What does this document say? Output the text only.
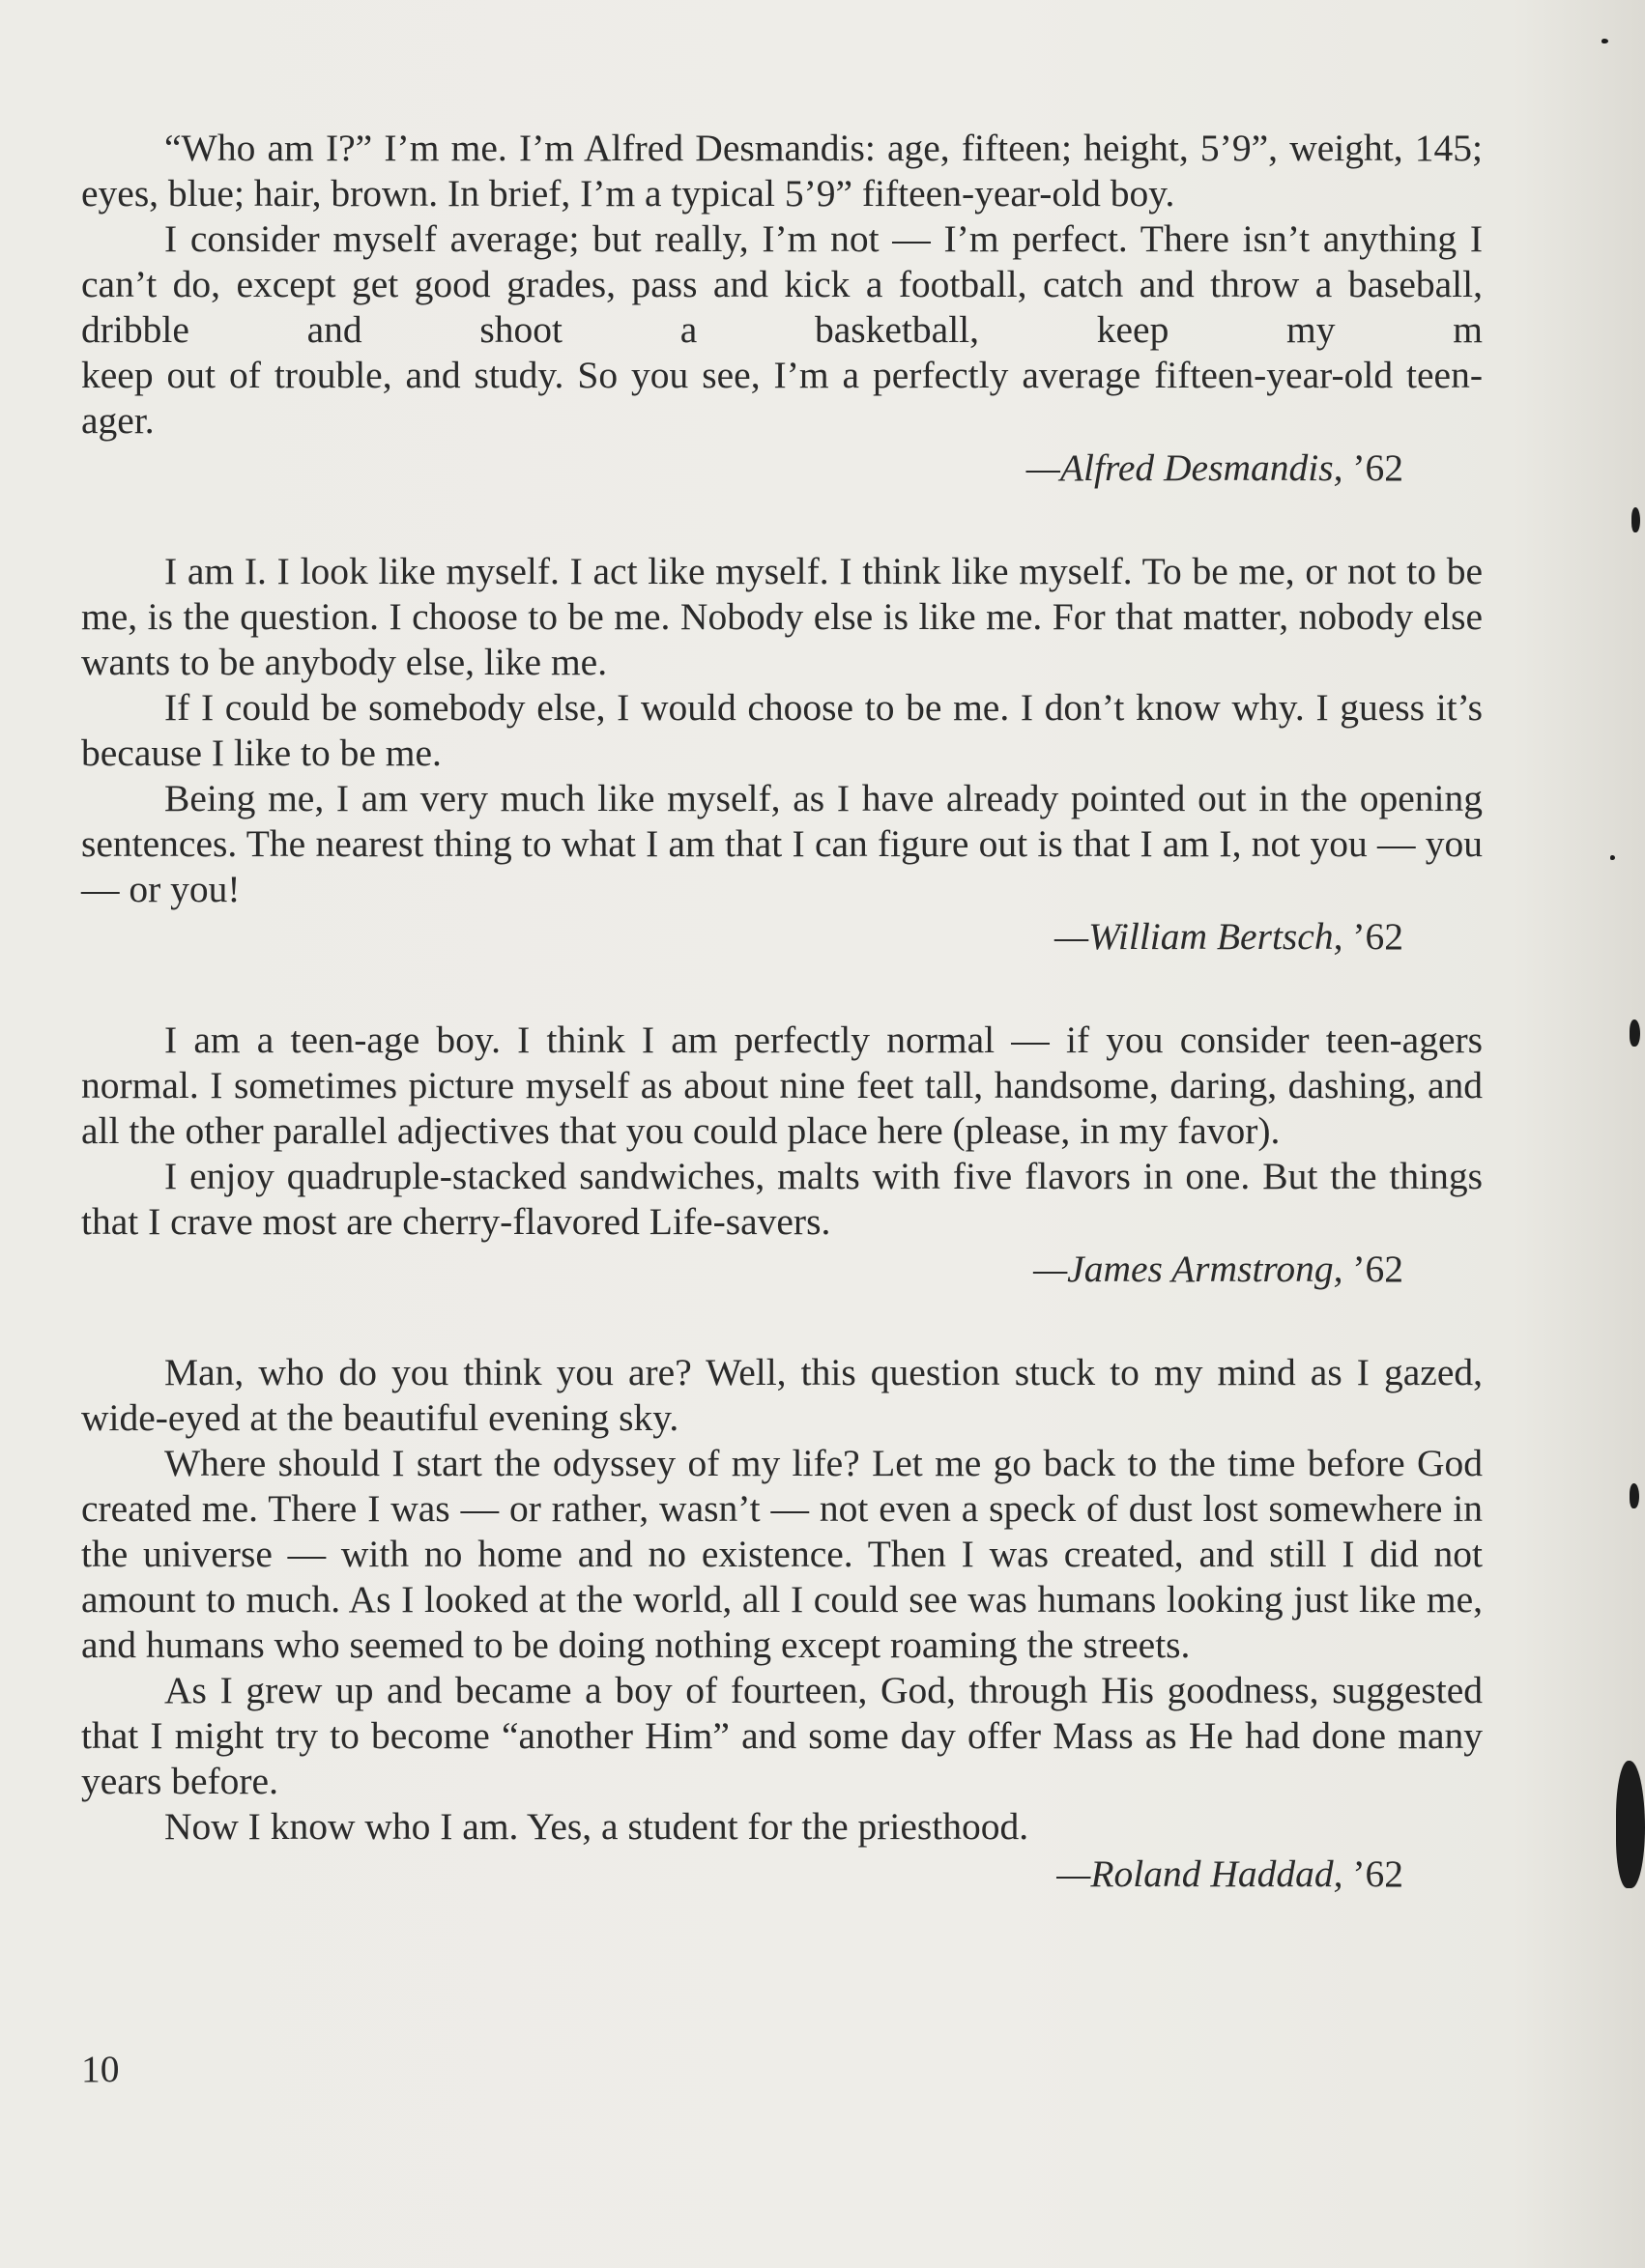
“Who am I?” I’m me. I’m Alfred Desmandis: age, fifteen; height, 5’9”, weight, 145; eyes, blue; hair, brown. In brief, I’m a typical 5’9” fifteen-year-old boy.

I consider myself average; but really, I’m not — I’m perfect. There isn’t anything I can’t do, except get good grades, pass and kick a football, catch and throw a baseball, dribble and shoot a basketball, keep my m

keep out of trouble, and study. So you see, I’m a perfectly average fifteen-year-old teen-ager.

—Alfred Desmandis, ’62

I am I. I look like myself. I act like myself. I think like myself. To be me, or not to be me, is the question. I choose to be me. Nobody else is like me. For that matter, nobody else wants to be anybody else, like me.

If I could be somebody else, I would choose to be me. I don’t know why. I guess it’s because I like to be me.

Being me, I am very much like myself, as I have already pointed out in the opening sentences. The nearest thing to what I am that I can figure out is that I am I, not you — you — or you!

—William Bertsch, ’62

I am a teen-age boy. I think I am perfectly normal — if you consider teen-agers normal. I sometimes picture myself as about nine feet tall, handsome, daring, dashing, and all the other parallel adjectives that you could place here (please, in my favor).

I enjoy quadruple-stacked sandwiches, malts with five flavors in one. But the things that I crave most are cherry-flavored Life-savers.

—James Armstrong, ’62

Man, who do you think you are? Well, this question stuck to my mind as I gazed, wide-eyed at the beautiful evening sky.

Where should I start the odyssey of my life? Let me go back to the time before God created me. There I was — or rather, wasn’t — not even a speck of dust lost somewhere in the universe — with no home and no existence. Then I was created, and still I did not amount to much. As I looked at the world, all I could see was humans looking just like me, and humans who seemed to be doing nothing except roaming the streets.

As I grew up and became a boy of fourteen, God, through His goodness, suggested that I might try to become “another Him” and some day offer Mass as He had done many years before.

Now I know who I am. Yes, a student for the priesthood.

—Roland Haddad, ’62

10
